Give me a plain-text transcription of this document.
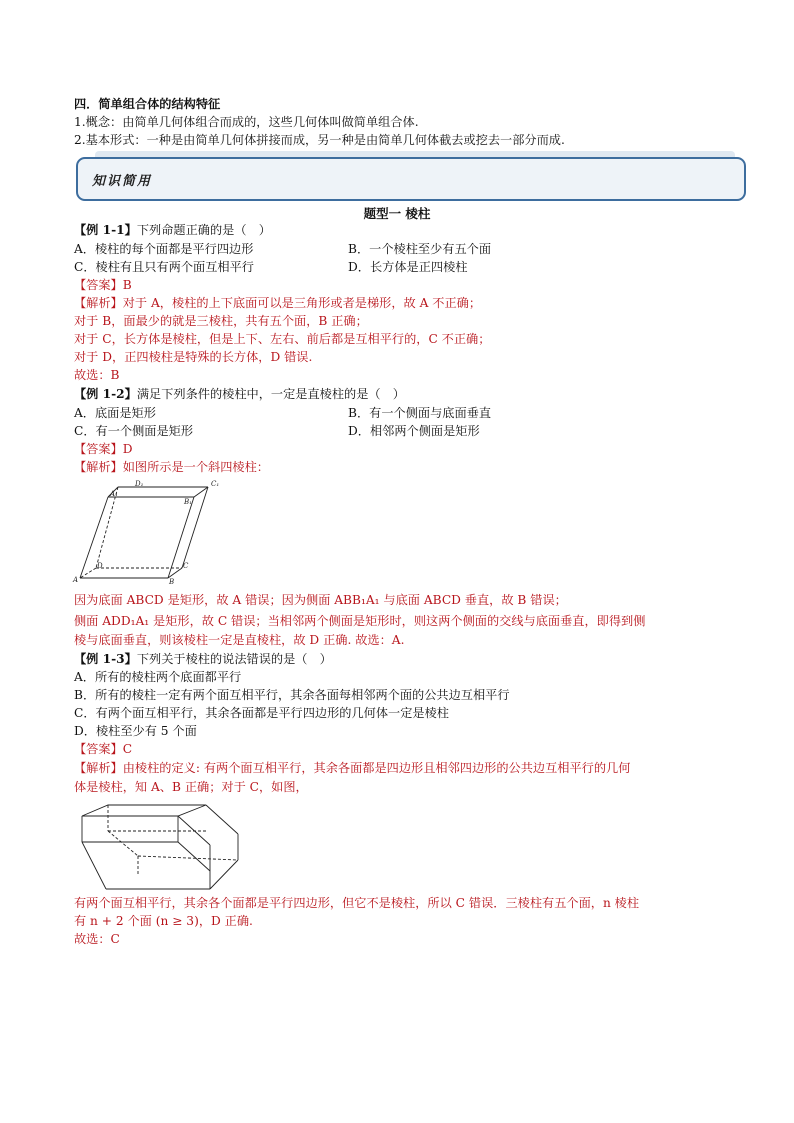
四．简单组合体的结构特征
1.概念：由简单几何体组合而成的，这些几何体叫做简单组合体.
2.基本形式：一种是由简单几何体拼接而成，另一种是由简单几何体截去或挖去一部分而成.
知识简用
题型一 棱柱
【例 1-1】下列命题正确的是（　）
A．棱柱的每个面都是平行四边形	B．一个棱柱至少有五个面
C．棱柱有且只有两个面互相平行	D．长方体是正四棱柱
【答案】B
【解析】对于 A，棱柱的上下底面可以是三角形或者是梯形，故 A 不正确；
对于 B，面最少的就是三棱柱，共有五个面，B 正确；
对于 C，长方体是棱柱，但是上下、左右、前后都是互相平行的，C 不正确；
对于 D，正四棱柱是特殊的长方体，D 错误.
故选：B
【例 1-2】满足下列条件的棱柱中，一定是直棱柱的是（　）
A．底面是矩形	B．有一个侧面与底面垂直
C．有一个侧面是矩形	D．相邻两个侧面是矩形
【答案】D
【解析】如图所示是一个斜四棱柱：
A₁
D₁	C₁
B₁
D	C
A	B
因为底面 ABCD 是矩形，故 A 错误；因为侧面 ABB₁A₁ 与底面 ABCD 垂直，故 B 错误；
侧面 ADD₁A₁ 是矩形，故 C 错误；当相邻两个侧面是矩形时，则这两个侧面的交线与底面垂直，即得到侧
棱与底面垂直，则该棱柱一定是直棱柱，故 D 正确. 故选：A.
【例 1-3】下列关于棱柱的说法错误的是（　）
A．所有的棱柱两个底面都平行
B．所有的棱柱一定有两个面互相平行，其余各面每相邻两个面的公共边互相平行
C．有两个面互相平行，其余各面都是平行四边形的几何体一定是棱柱
D．棱柱至少有 5 个面
【答案】C
【解析】由棱柱的定义: 有两个面互相平行，其余各面都是四边形且相邻四边形的公共边互相平行的几何
体是棱柱，知 A、B 正确；对于 C，如图，
有两个面互相平行，其余各个面都是平行四边形，但它不是棱柱，所以 C 错误．三棱柱有五个面，n 棱柱
有 n + 2 个面 (n ≥ 3)，D 正确.
故选：C
